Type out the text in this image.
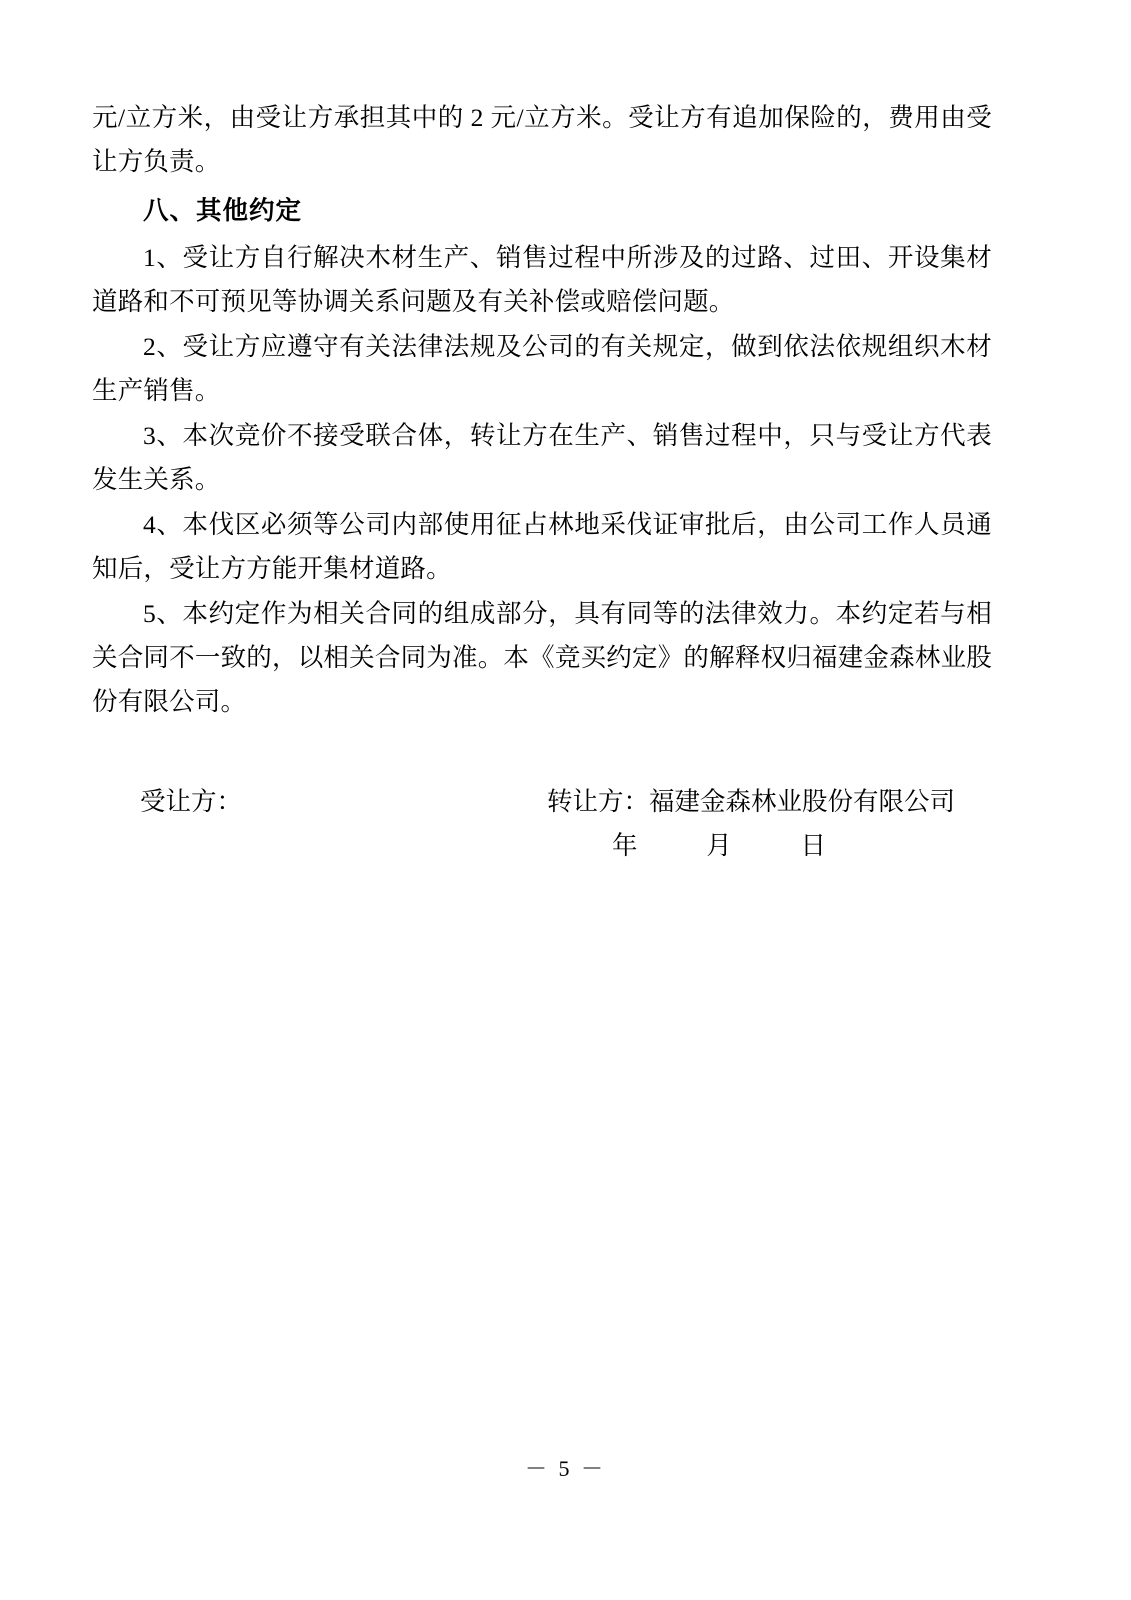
元/立方米，由受让方承担其中的 2 元/立方米。受让方有追加保险的，费用由受让方负责。

八、其他约定

1、受让方自行解决木材生产、销售过程中所涉及的过路、过田、开设集材道路和不可预见等协调关系问题及有关补偿或赔偿问题。

2、受让方应遵守有关法律法规及公司的有关规定，做到依法依规组织木材生产销售。

3、本次竞价不接受联合体，转让方在生产、销售过程中，只与受让方代表发生关系。

4、本伐区必须等公司内部使用征占林地采伐证审批后，由公司工作人员通知后，受让方方能开集材道路。

5、本约定作为相关合同的组成部分，具有同等的法律效力。本约定若与相关合同不一致的，以相关合同为准。本《竞买约定》的解释权归福建金森林业股份有限公司。

受让方：	转让方：福建金森林业股份有限公司
年	月	日
－ 5 －
